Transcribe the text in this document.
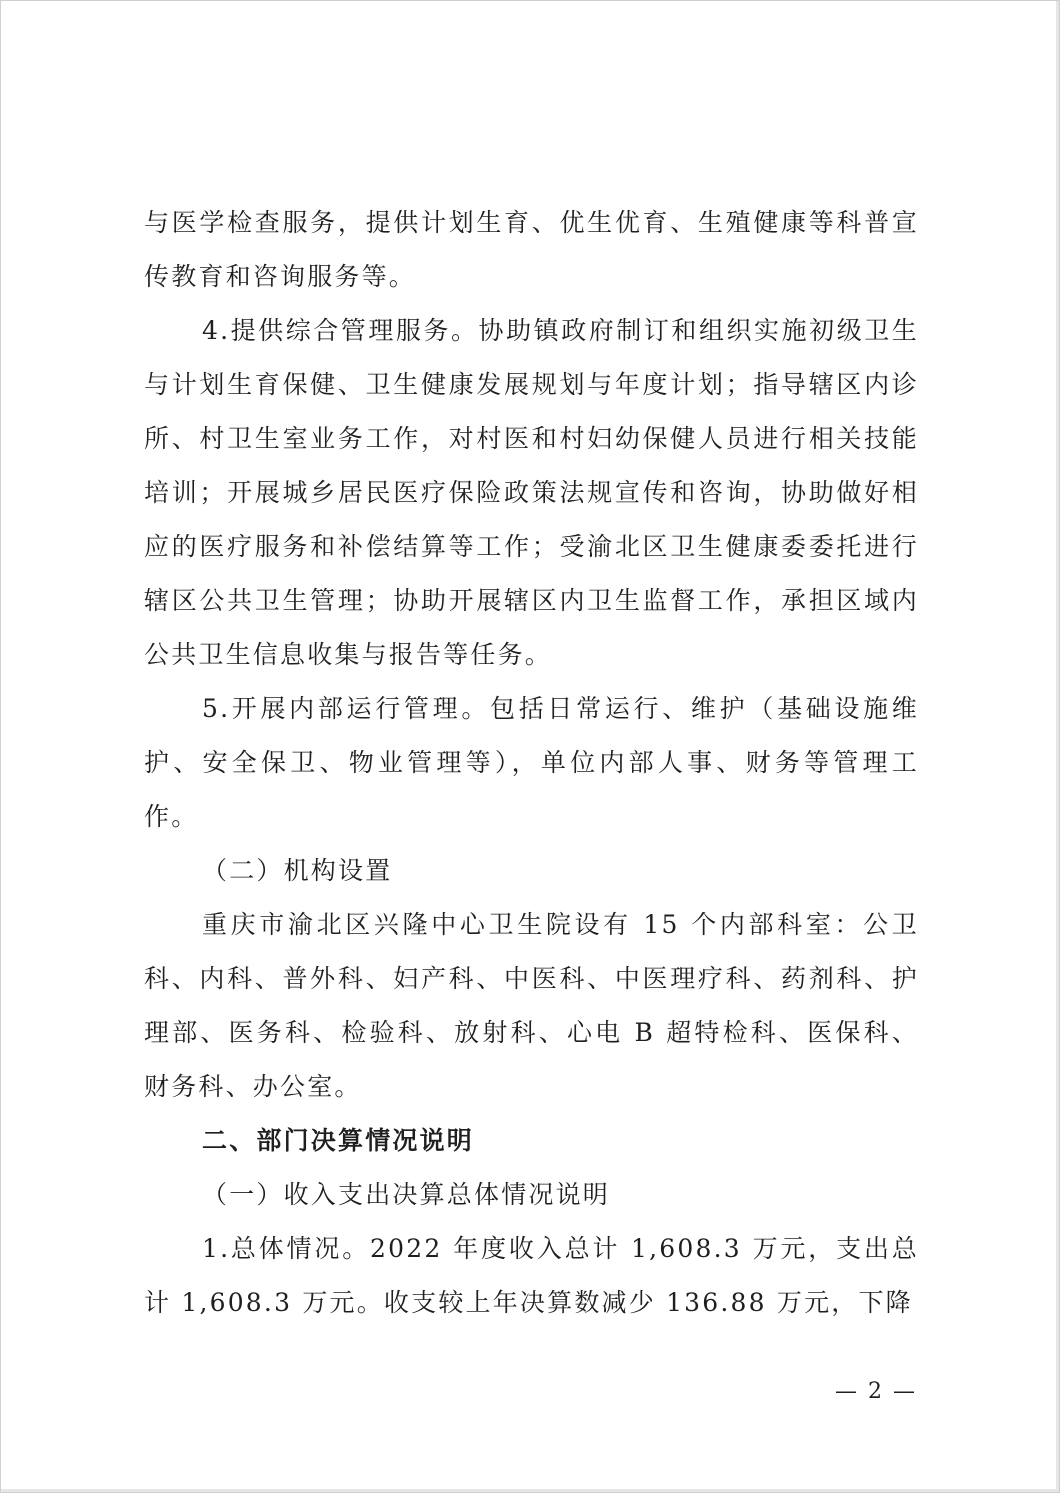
与医学检查服务，提供计划生育、优生优育、生殖健康等科普宣传教育和咨询服务等。

4.提供综合管理服务。协助镇政府制订和组织实施初级卫生与计划生育保健、卫生健康发展规划与年度计划；指导辖区内诊所、村卫生室业务工作，对村医和村妇幼保健人员进行相关技能培训；开展城乡居民医疗保险政策法规宣传和咨询，协助做好相应的医疗服务和补偿结算等工作；受渝北区卫生健康委委托进行辖区公共卫生管理；协助开展辖区内卫生监督工作，承担区域内公共卫生信息收集与报告等任务。

5.开展内部运行管理。包括日常运行、维护（基础设施维护、安全保卫、物业管理等），单位内部人事、财务等管理工作。

（二）机构设置

重庆市渝北区兴隆中心卫生院设有 15 个内部科室：公卫科、内科、普外科、妇产科、中医科、中医理疗科、药剂科、护理部、医务科、检验科、放射科、心电 B 超特检科、医保科、财务科、办公室。

二、部门决算情况说明

（一）收入支出决算总体情况说明

1.总体情况。2022 年度收入总计 1,608.3 万元，支出总计 1,608.3 万元。收支较上年决算数减少 136.88 万元，下降

— 2 —
